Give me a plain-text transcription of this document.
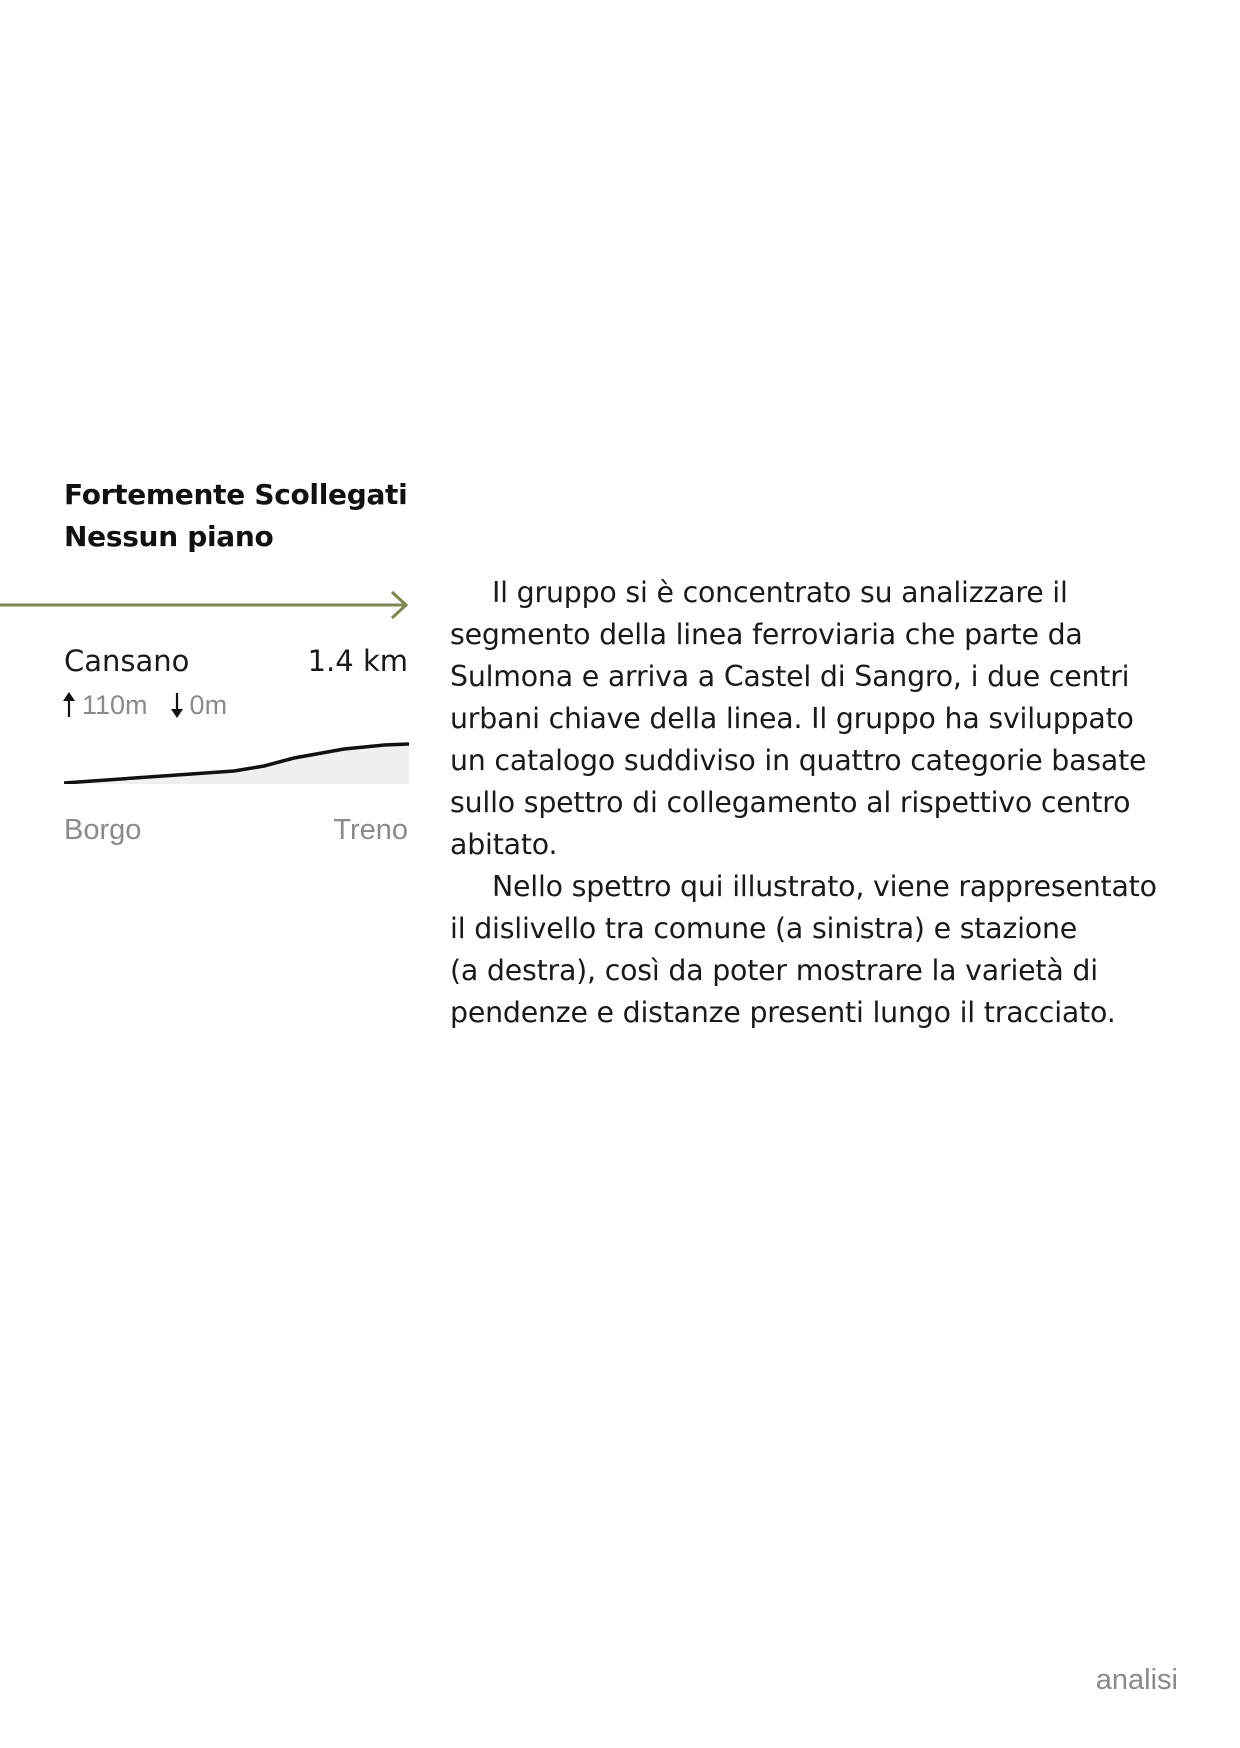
Fortemente Scollegati
Nessun piano
Cansano	1.4 km
110m 0m
Borgo	Treno
Il gruppo si è concentrato su analizzare il
segmento della linea ferroviaria che parte da
Sulmona e arriva a Castel di Sangro, i due centri
urbani chiave della linea. Il gruppo ha sviluppato
un catalogo suddiviso in quattro categorie basate
sullo spettro di collegamento al rispettivo centro
abitato.
Nello spettro qui illustrato, viene rappresentato
il dislivello tra comune (a sinistra) e stazione
(a destra), così da poter mostrare la varietà di
pendenze e distanze presenti lungo il tracciato.
analisi
